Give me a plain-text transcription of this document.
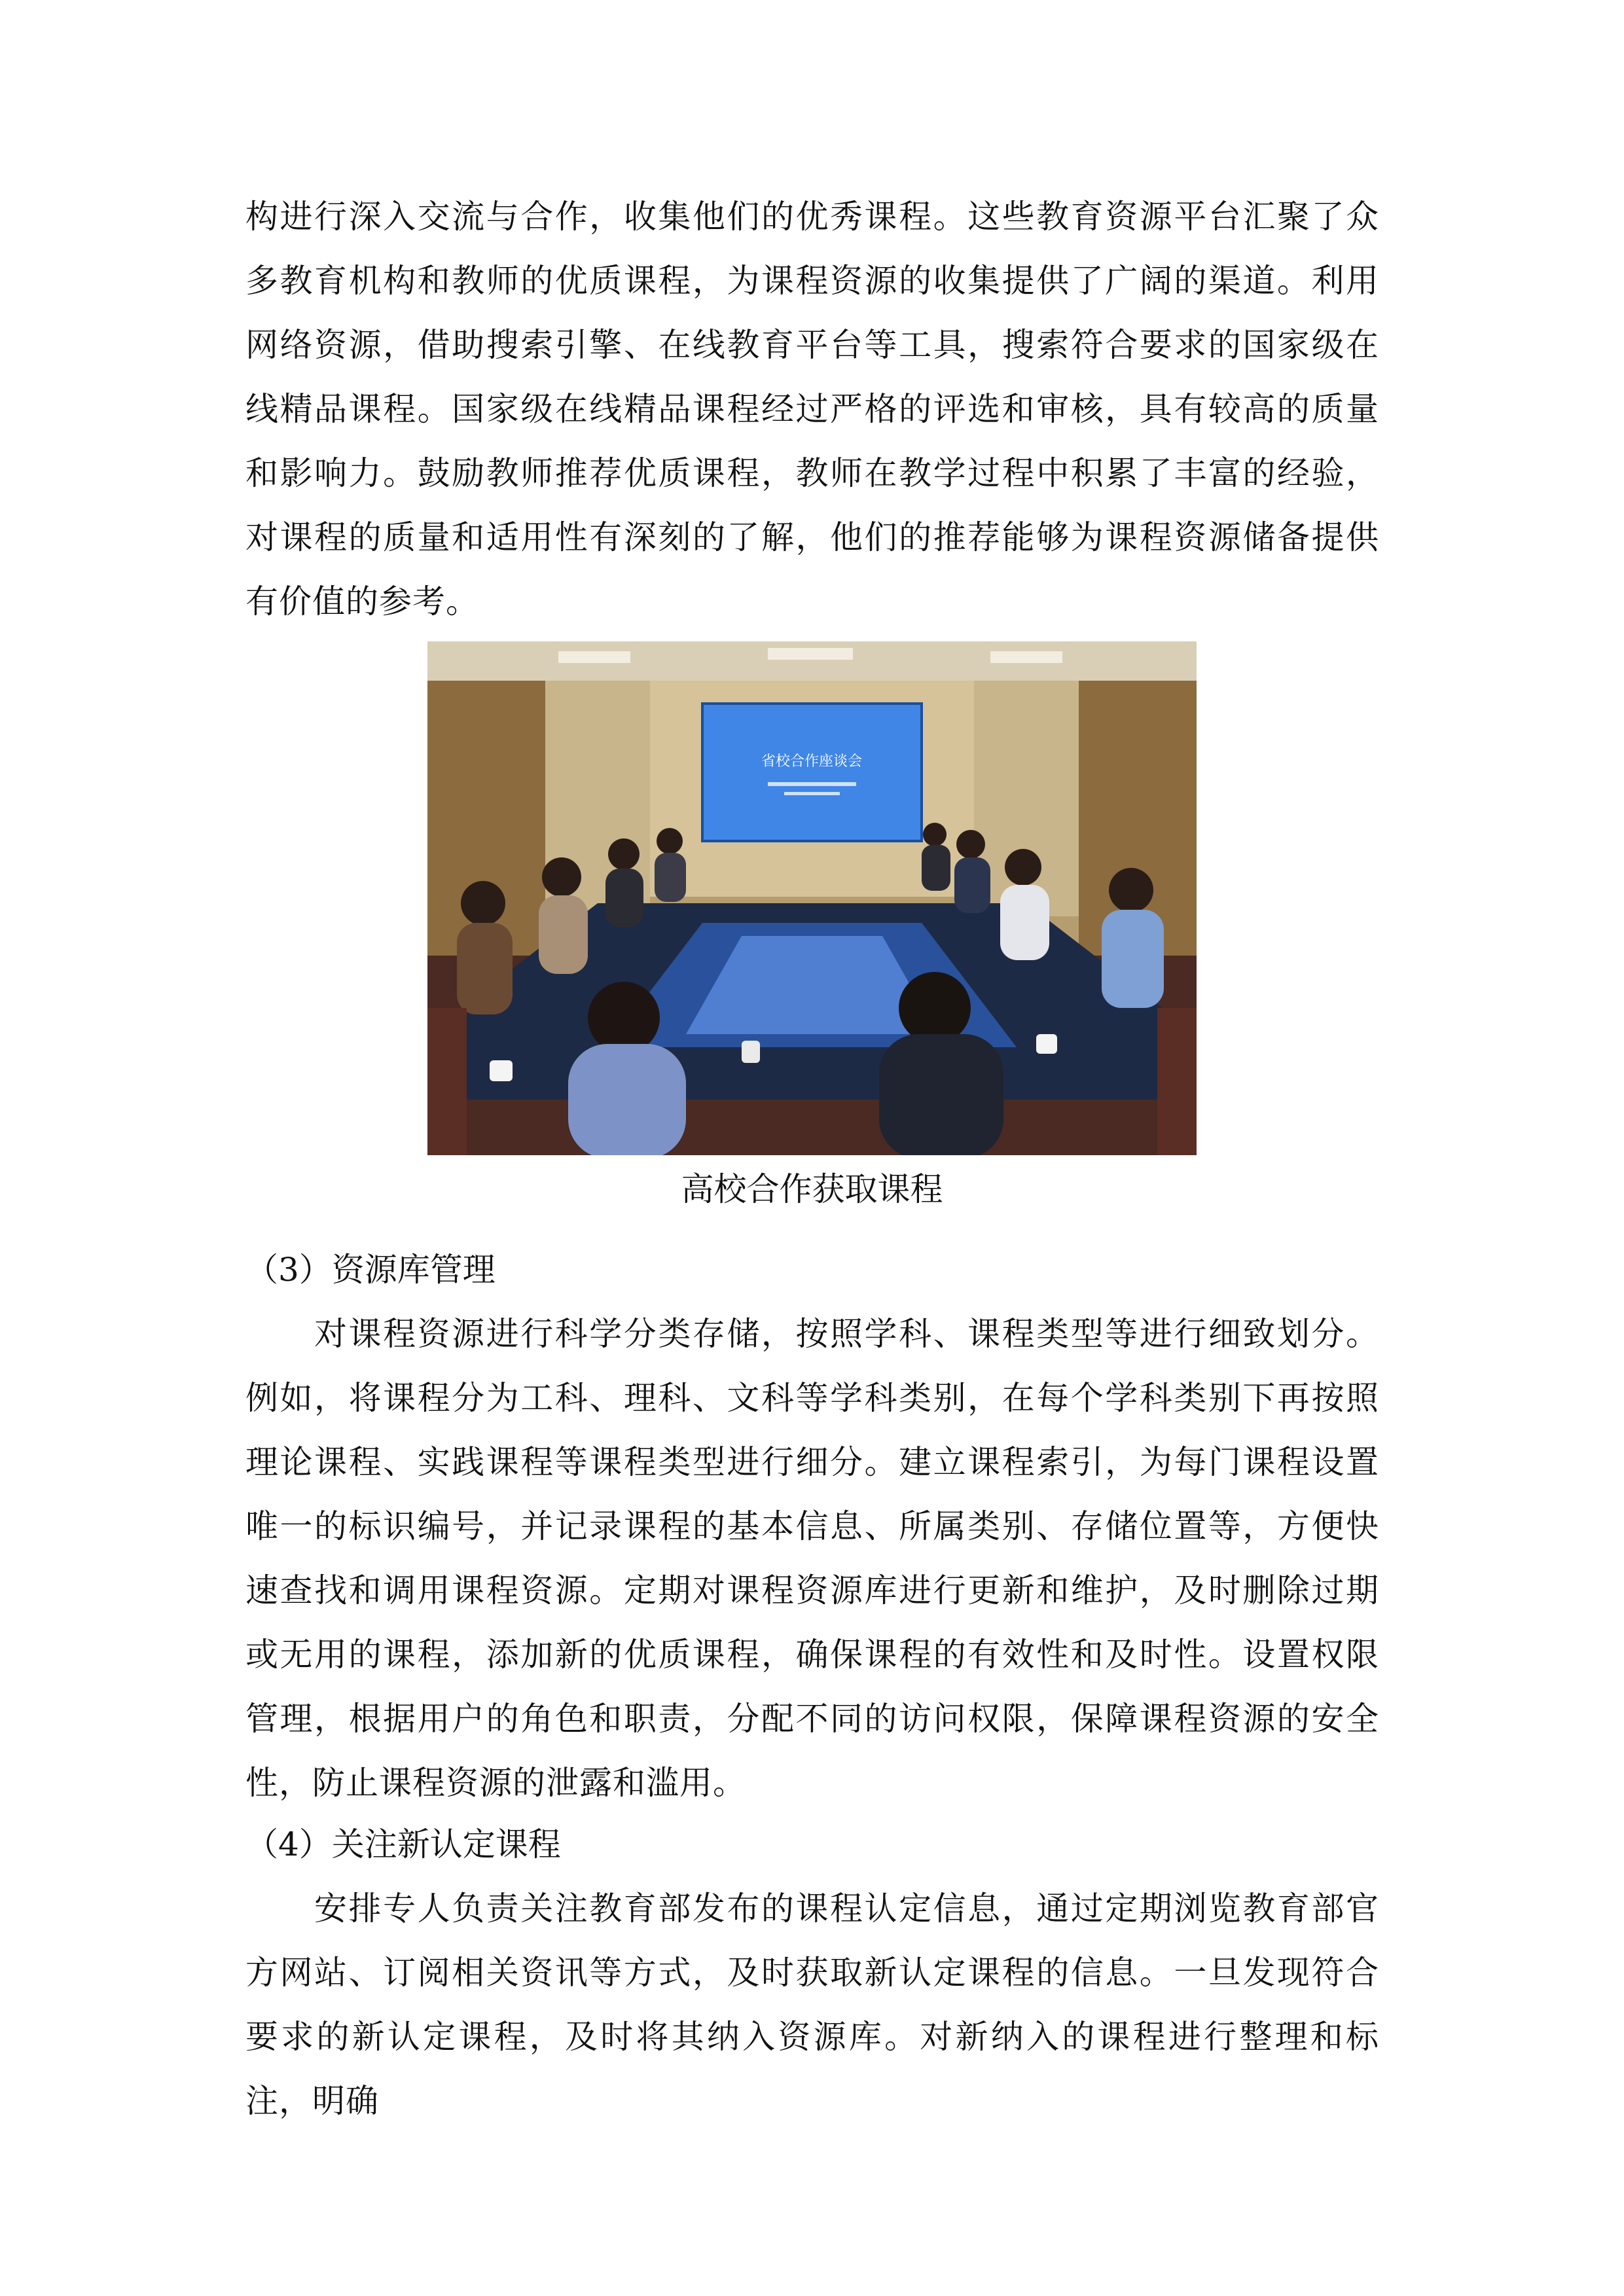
构进行深入交流与合作，收集他们的优秀课程。这些教育资源平台汇聚了众多教育机构和教师的优质课程，为课程资源的收集提供了广阔的渠道。利用网络资源，借助搜索引擎、在线教育平台等工具，搜索符合要求的国家级在线精品课程。国家级在线精品课程经过严格的评选和审核，具有较高的质量和影响力。鼓励教师推荐优质课程，教师在教学过程中积累了丰富的经验，对课程的质量和适用性有深刻的了解，他们的推荐能够为课程资源储备提供有价值的参考。

省校合作座谈会

高校合作获取课程

（3）资源库管理

对课程资源进行科学分类存储，按照学科、课程类型等进行细致划分。例如，将课程分为工科、理科、文科等学科类别，在每个学科类别下再按照理论课程、实践课程等课程类型进行细分。建立课程索引，为每门课程设置唯一的标识编号，并记录课程的基本信息、所属类别、存储位置等，方便快速查找和调用课程资源。定期对课程资源库进行更新和维护，及时删除过期或无用的课程，添加新的优质课程，确保课程的有效性和及时性。设置权限管理，根据用户的角色和职责，分配不同的访问权限，保障课程资源的安全性，防止课程资源的泄露和滥用。

（4）关注新认定课程

安排专人负责关注教育部发布的课程认定信息，通过定期浏览教育部官方网站、订阅相关资讯等方式，及时获取新认定课程的信息。一旦发现符合要求的新认定课程，及时将其纳入资源库。对新纳入的课程进行整理和标注，明确
